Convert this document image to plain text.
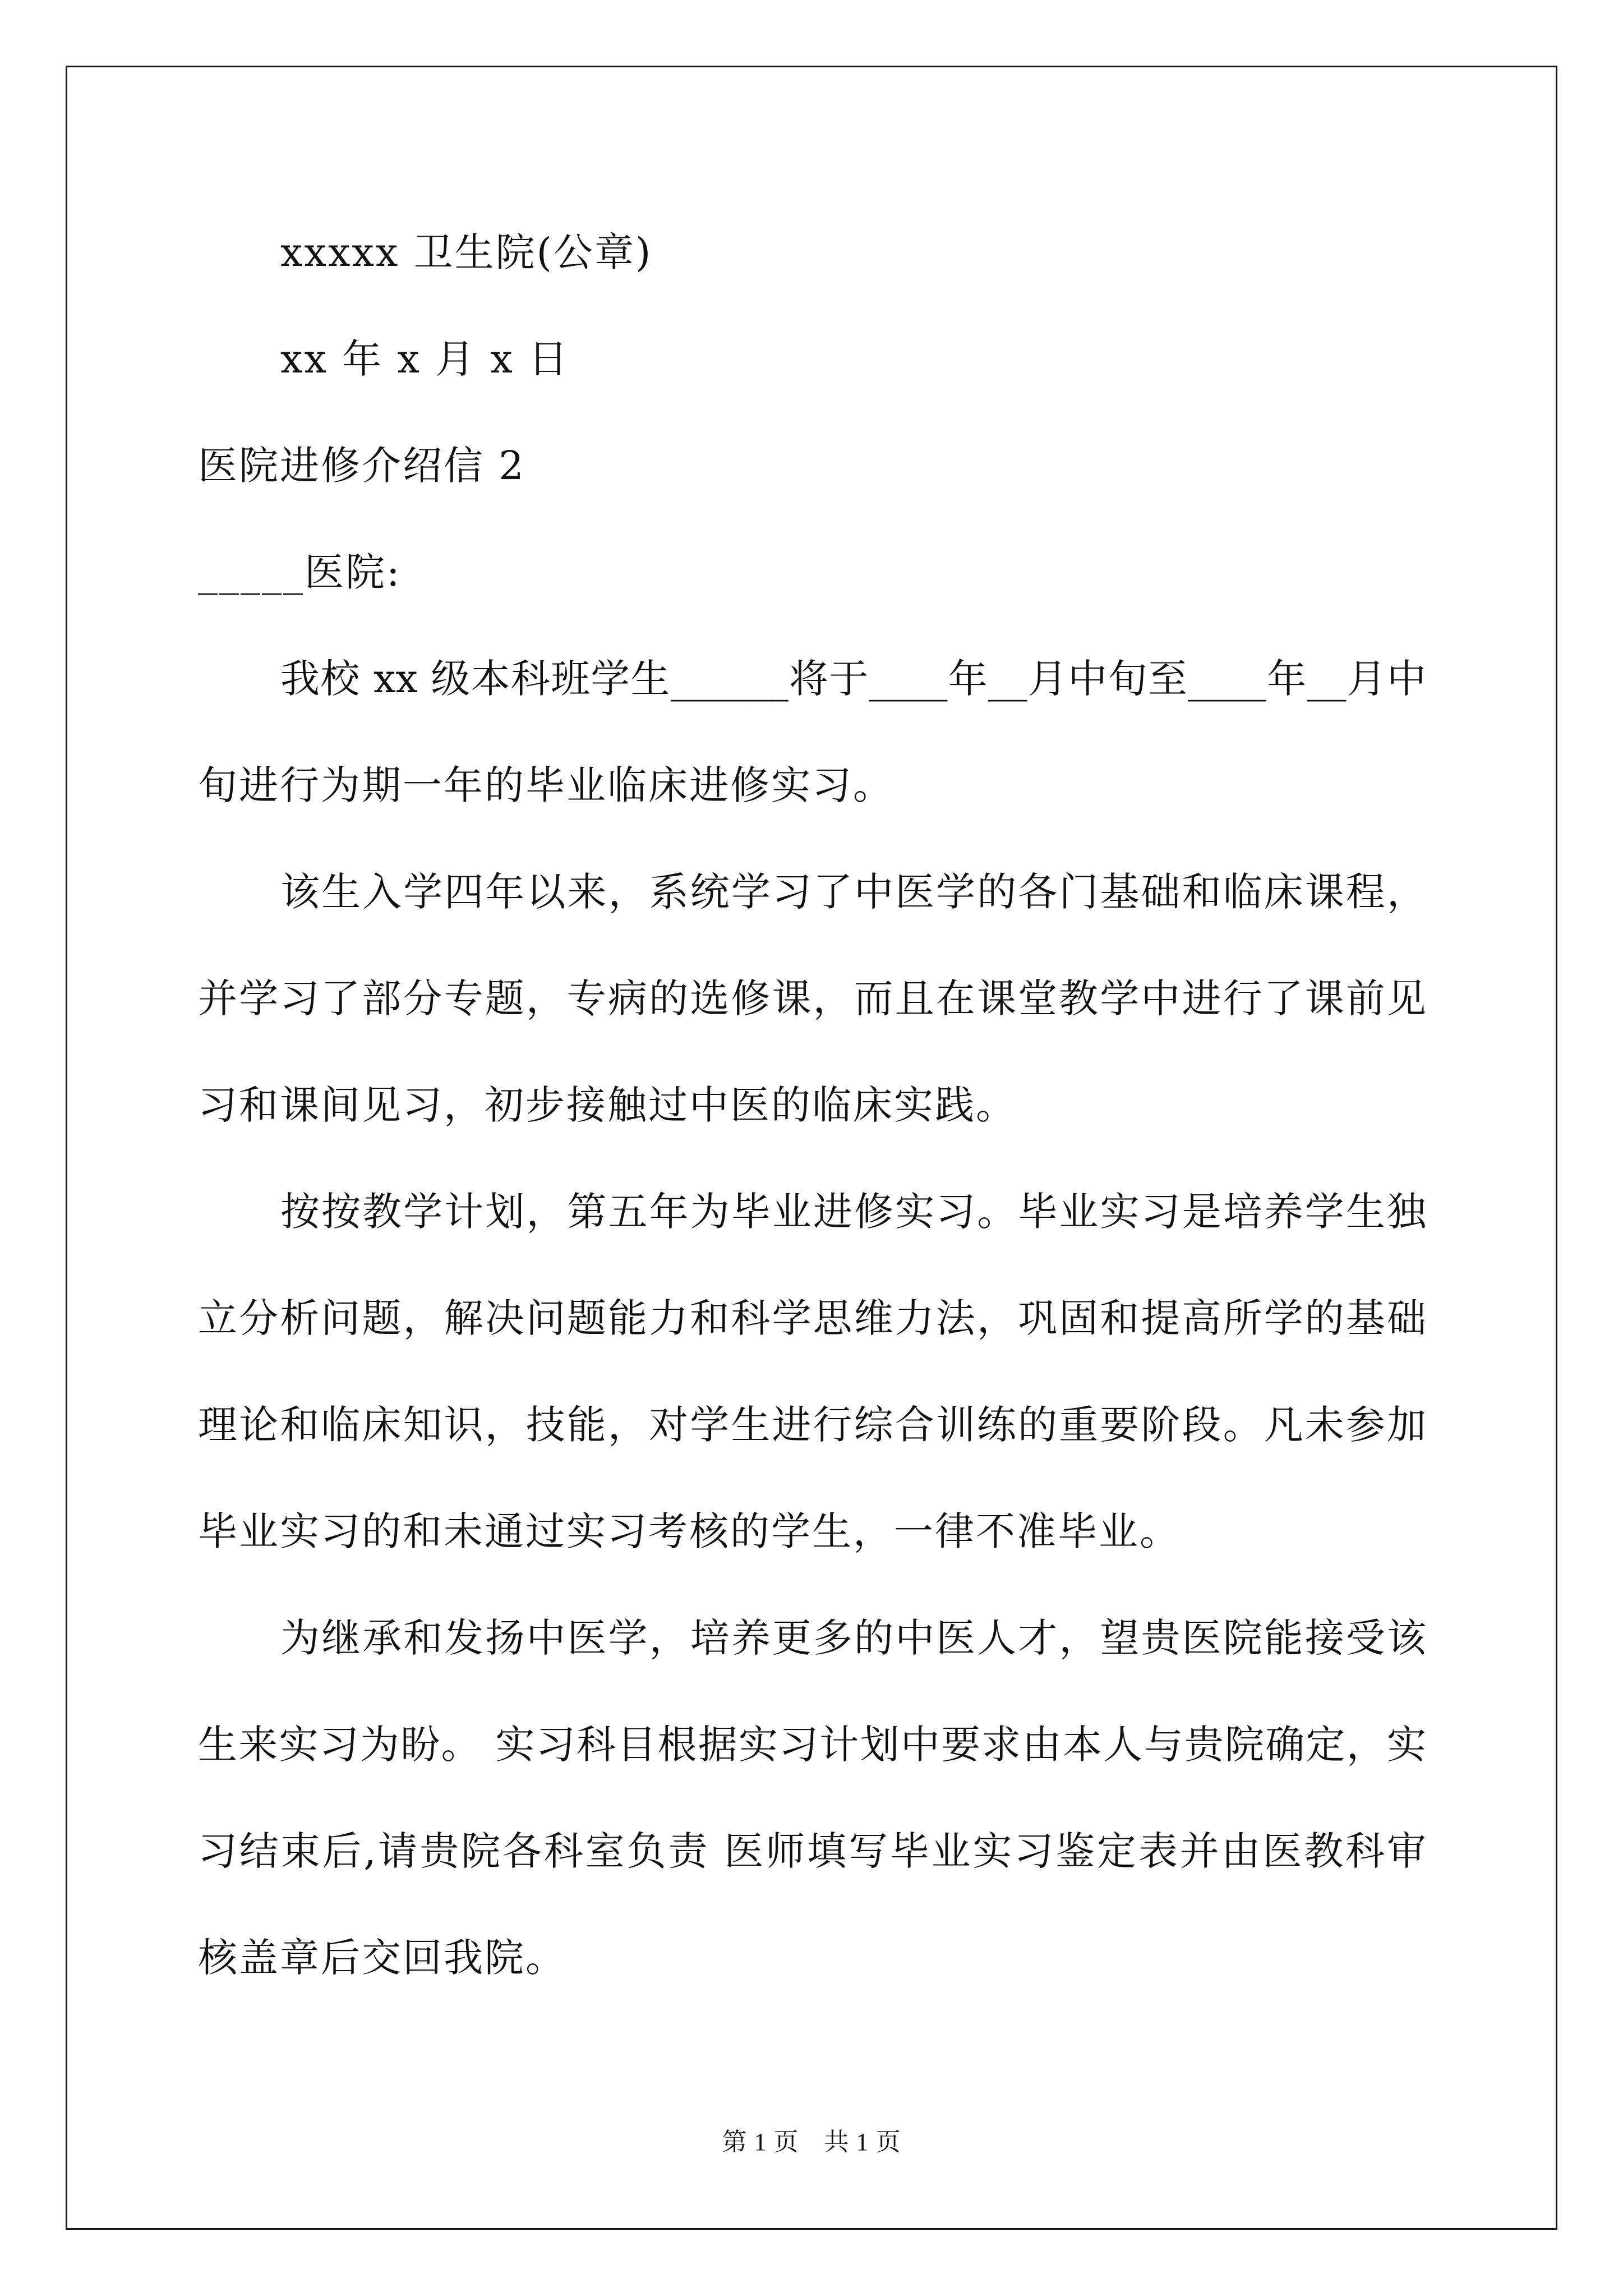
xxxxx 卫生院(公章)
xx 年 x 月 x 日
医院进修介绍信 2
_____医院:
我校 xx 级本科班学生______将于____年__月中旬至____年__月中
旬进行为期一年的毕业临床进修实习。
该生入学四年以来，系统学习了中医学的各门基础和临床课程，
并学习了部分专题，专病的选修课，而且在课堂教学中进行了课前见
习和课间见习，初步接触过中医的临床实践。
按按教学计划，第五年为毕业进修实习。毕业实习是培养学生独
立分析问题，解决问题能力和科学思维力法，巩固和提高所学的基础
理论和临床知识，技能，对学生进行综合训练的重要阶段。凡未参加
毕业实习的和未通过实习考核的学生，一律不准毕业。
为继承和发扬中医学，培养更多的中医人才，望贵医院能接受该
生来实习为盼。 实习科目根据实习计划中要求由本人与贵院确定，实
习结束后,请贵院各科室负责 医师填写毕业实习鉴定表并由医教科审
核盖章后交回我院。
第 1 页　共 1 页
